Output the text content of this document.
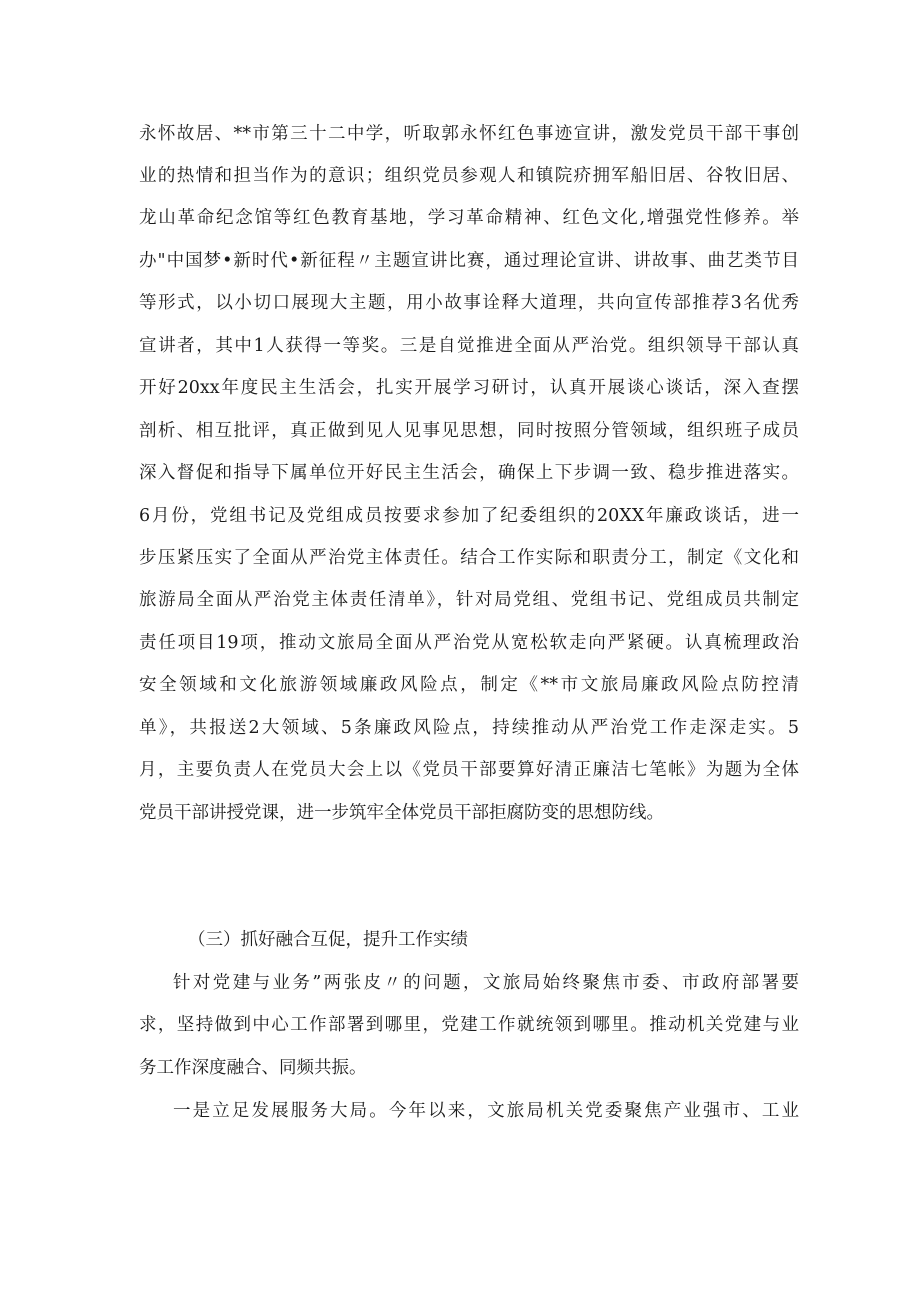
永怀故居、**市第三十二中学，听取郭永怀红色事迹宣讲，激发党员干部干事创
业的热情和担当作为的意识；组织党员参观人和镇院疥拥军船旧居、谷牧旧居、
龙山革命纪念馆等红色教育基地，学习革命精神、红色文化,增强党性修养。举
办"中国梦•新时代•新征程〃主题宣讲比赛，通过理论宣讲、讲故事、曲艺类节目
等形式，以小切口展现大主题，用小故事诠释大道理，共向宣传部推荐3名优秀
宣讲者，其中1人获得一等奖。三是自觉推进全面从严治党。组织领导干部认真
开好20xx年度民主生活会，扎实开展学习研讨，认真开展谈心谈话，深入查摆
剖析、相互批评，真正做到见人见事见思想，同时按照分管领域，组织班子成员
深入督促和指导下属单位开好民主生活会，确保上下步调一致、稳步推进落实。
6月份，党组书记及党组成员按要求参加了纪委组织的20XX年廉政谈话，进一
步压紧压实了全面从严治党主体责任。结合工作实际和职责分工，制定《文化和
旅游局全面从严治党主体责任清单》，针对局党组、党组书记、党组成员共制定
责任项目19项，推动文旅局全面从严治党从宽松软走向严紧硬。认真梳理政治
安全领域和文化旅游领域廉政风险点，制定《**市文旅局廉政风险点防控清
单》，共报送2大领域、5条廉政风险点，持续推动从严治党工作走深走实。5
月，主要负责人在党员大会上以《党员干部要算好清正廉洁七笔帐》为题为全体
党员干部讲授党课，进一步筑牢全体党员干部拒腐防变的思想防线。
（三）抓好融合互促，提升工作实绩
针对党建与业务”两张皮〃的问题，文旅局始终聚焦市委、市政府部署要
求，坚持做到中心工作部署到哪里，党建工作就统领到哪里。推动机关党建与业
务工作深度融合、同频共振。
一是立足发展服务大局。今年以来，文旅局机关党委聚焦产业强市、工业
